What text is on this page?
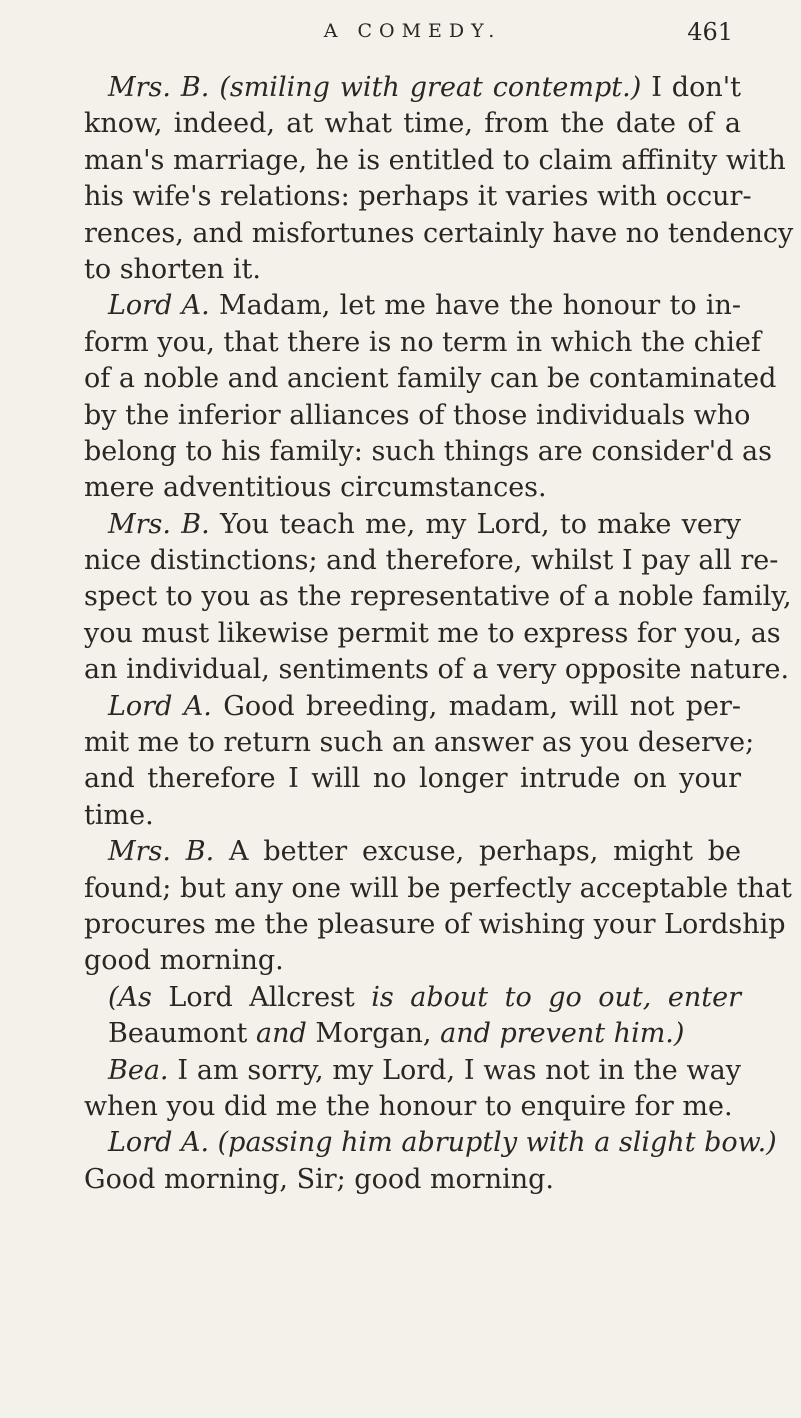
A COMEDY.	461
Mrs. B. (smiling with great contempt.) I don't
know, indeed, at what time, from the date of a
man's marriage, he is entitled to claim affinity with
his wife's relations: perhaps it varies with occur-
rences, and misfortunes certainly have no tendency
to shorten it.
Lord A. Madam, let me have the honour to in-
form you, that there is no term in which the chief
of a noble and ancient family can be contaminated
by the inferior alliances of those individuals who
belong to his family: such things are consider'd as
mere adventitious circumstances.
Mrs. B. You teach me, my Lord, to make very
nice distinctions; and therefore, whilst I pay all re-
spect to you as the representative of a noble family,
you must likewise permit me to express for you, as
an individual, sentiments of a very opposite nature.
Lord A. Good breeding, madam, will not per-
mit me to return such an answer as you deserve;
and therefore I will no longer intrude on your
time.
Mrs. B. A better excuse, perhaps, might be
found; but any one will be perfectly acceptable that
procures me the pleasure of wishing your Lordship
good morning.
(As Lord Allcrest is about to go out, enter
Beaumont and Morgan, and prevent him.)
Bea. I am sorry, my Lord, I was not in the way
when you did me the honour to enquire for me.
Lord A. (passing him abruptly with a slight bow.)
Good morning, Sir; good morning.
